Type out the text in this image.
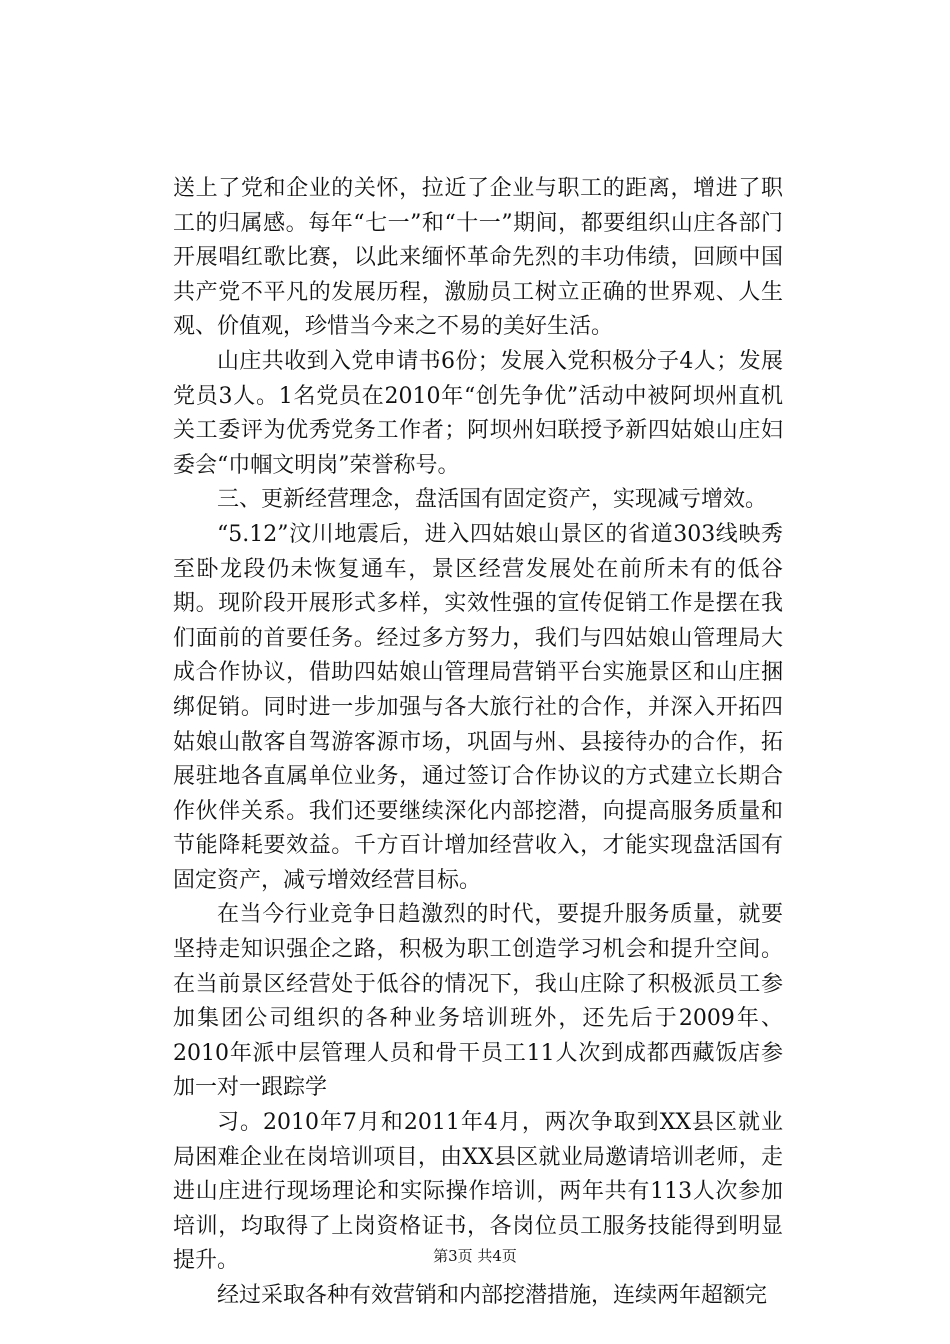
送上了党和企业的关怀，拉近了企业与职工的距离，增进了职工的归属感。每年“七一”和“十一”期间，都要组织山庄各部门开展唱红歌比赛，以此来缅怀革命先烈的丰功伟绩，回顾中国共产党不平凡的发展历程，激励员工树立正确的世界观、人生观、价值观，珍惜当今来之不易的美好生活。

山庄共收到入党申请书6份；发展入党积极分子4人；发展党员3人。1名党员在2010年“创先争优”活动中被阿坝州直机关工委评为优秀党务工作者；阿坝州妇联授予新四姑娘山庄妇委会“巾帼文明岗”荣誉称号。

三、更新经营理念，盘活国有固定资产，实现减亏增效。

“5.12”汶川地震后，进入四姑娘山景区的省道303线映秀至卧龙段仍未恢复通车，景区经营发展处在前所未有的低谷期。现阶段开展形式多样，实效性强的宣传促销工作是摆在我们面前的首要任务。经过多方努力，我们与四姑娘山管理局大成合作协议，借助四姑娘山管理局营销平台实施景区和山庄捆绑促销。同时进一步加强与各大旅行社的合作，并深入开拓四姑娘山散客自驾游客源市场，巩固与州、县接待办的合作，拓展驻地各直属单位业务，通过签订合作协议的方式建立长期合作伙伴关系。我们还要继续深化内部挖潜，向提高服务质量和节能降耗要效益。千方百计增加经营收入，才能实现盘活国有固定资产，减亏增效经营目标。

在当今行业竞争日趋激烈的时代，要提升服务质量，就要坚持走知识强企之路，积极为职工创造学习机会和提升空间。在当前景区经营处于低谷的情况下，我山庄除了积极派员工参加集团公司组织的各种业务培训班外，还先后于2009年、2010年派中层管理人员和骨干员工11人次到成都西藏饭店参加一对一跟踪学

习。2010年7月和2011年4月，两次争取到XX县区就业局困难企业在岗培训项目，由XX县区就业局邀请培训老师，走进山庄进行现场理论和实际操作培训，两年共有113人次参加培训，均取得了上岗资格证书，各岗位员工服务技能得到明显提升。

经过采取各种有效营销和内部挖潜措施，连续两年超额完

第3页 共4页
